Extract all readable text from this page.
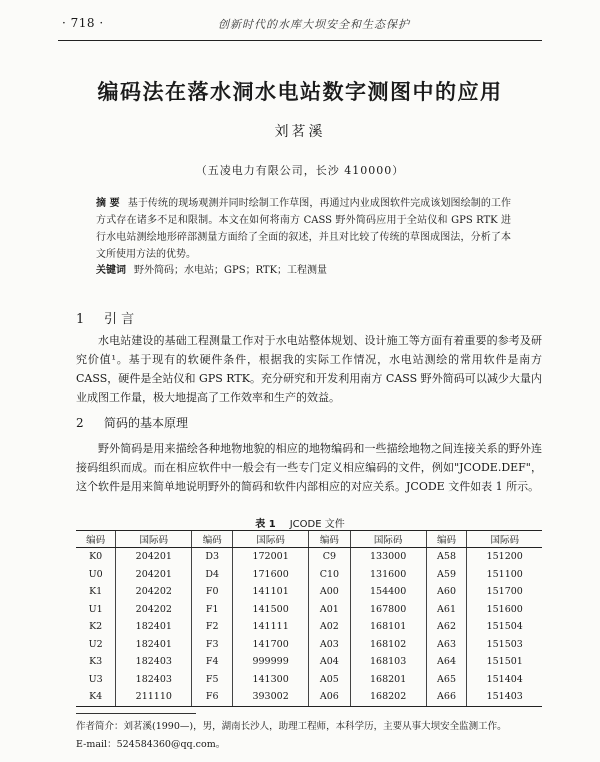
· 718 ·	创新时代的水库大坝安全和生态保护
编码法在落水洞水电站数字测图中的应用
刘茗溪
（五凌电力有限公司，长沙 410000）
摘 要 基于传统的现场观测并同时绘制工作草图，再通过内业成图软件完成该划图绘制的工作方式存在诸多不足和限制。本文在如何将南方 CASS 野外简码应用于全站仪和 GPS RTK 进行水电站测绘地形碎部测量方面给了全面的叙述，并且对比较了传统的草图成图法，分析了本文所使用方法的优势。
关键词 野外简码；水电站；GPS；RTK；工程测量
1 引 言
水电站建设的基础工程测量工作对于水电站整体规划、设计施工等方面有着重要的参考及研究价值¹。基于现有的软硬件条件，根据我的实际工作情况，水电站测绘的常用软件是南方 CASS，硬件是全站仪和 GPS RTK。充分研究和开发利用南方 CASS 野外简码可以减少大量内业成图工作量，极大地提高了工作效率和生产的效益。
2 简码的基本原理
野外简码是用来描绘各种地物地貌的相应的地物编码和一些描绘地物之间连接关系的野外连接码组织而成。而在相应软件中一般会有一些专门定义相应编码的文件，例如"JCODE.DEF"，这个软件是用来简单地说明野外的简码和软件内部相应的对应关系。JCODE 文件如表 1 所示。
表 1 JCODE 文件
编码	国际码	编码	国际码	编码	国际码	编码	国际码
K0	204201	D3	172001	C9	133000	A58	151200
U0	204201	D4	171600	C10	131600	A59	151100
K1	204202	F0	141101	A00	154400	A60	151700
U1	204202	F1	141500	A01	167800	A61	151600
K2	182401	F2	141111	A02	168101	A62	151504
U2	182401	F3	141700	A03	168102	A63	151503
K3	182403	F4	999999	A04	168103	A64	151501
U3	182403	F5	141300	A05	168201	A65	151404
K4	211110	F6	393002	A06	168202	A66	151403
作者简介：刘茗溪(1990—)，男，湖南长沙人，助理工程师，本科学历，主要从事大坝安全监测工作。
E-mail：524584360@qq.com。
